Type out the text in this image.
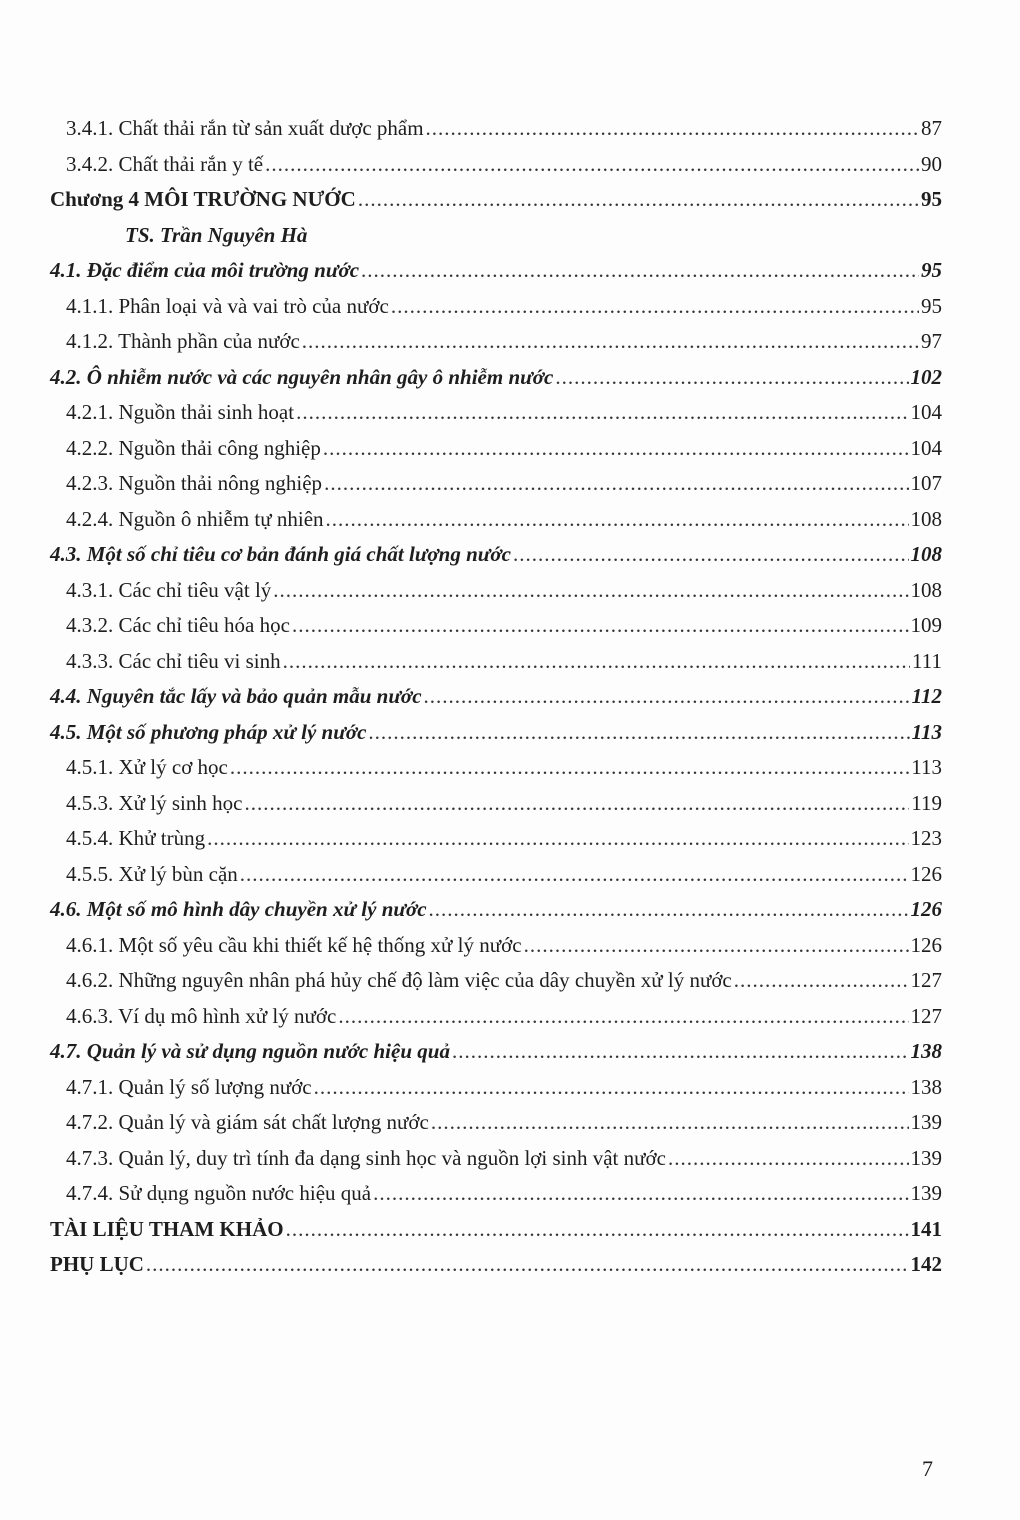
3.4.1. Chất thải rắn từ sản xuất dược phẩm .....	87
3.4.2. Chất thải rắn y tế .....	90
Chương 4 MÔI TRƯỜNG NƯỚC .....	95
TS. Trần Nguyên Hà
4.1. Đặc điểm của môi trường nước .....	95
4.1.1. Phân loại và và vai trò của nước .....	95
4.1.2. Thành phần của nước .....	97
4.2. Ô nhiễm nước và các nguyên nhân gây ô nhiễm nước .....	102
4.2.1. Nguồn thải sinh hoạt .....	104
4.2.2. Nguồn thải công nghiệp .....	104
4.2.3. Nguồn thải nông nghiệp .....	107
4.2.4. Nguồn ô nhiễm tự nhiên .....	108
4.3. Một số chỉ tiêu cơ bản đánh giá chất lượng nước .....	108
4.3.1. Các chỉ tiêu vật lý .....	108
4.3.2. Các chỉ tiêu hóa học .....	109
4.3.3. Các chỉ tiêu vi sinh .....	111
4.4. Nguyên tắc lấy và bảo quản mẫu nước .....	112
4.5. Một số phương pháp xử lý nước .....	113
4.5.1. Xử lý cơ học .....	113
4.5.3. Xử lý sinh học .....	119
4.5.4. Khử trùng .....	123
4.5.5. Xử lý bùn cặn .....	126
4.6. Một số mô hình dây chuyền xử lý nước .....	126
4.6.1. Một số yêu cầu khi thiết kế hệ thống xử lý nước .....	126
4.6.2. Những nguyên nhân phá hủy chế độ làm việc của dây chuyền xử lý nước .....	127
4.6.3. Ví dụ mô hình xử lý nước .....	127
4.7. Quản lý và sử dụng nguồn nước hiệu quả .....	138
4.7.1. Quản lý số lượng nước .....	138
4.7.2. Quản lý và giám sát chất lượng nước .....	139
4.7.3. Quản lý, duy trì tính đa dạng sinh học và nguồn lợi sinh vật nước .....	139
4.7.4. Sử dụng nguồn nước hiệu quả .....	139
TÀI LIỆU THAM KHẢO .....	141
PHỤ LỤC .....	142
7
